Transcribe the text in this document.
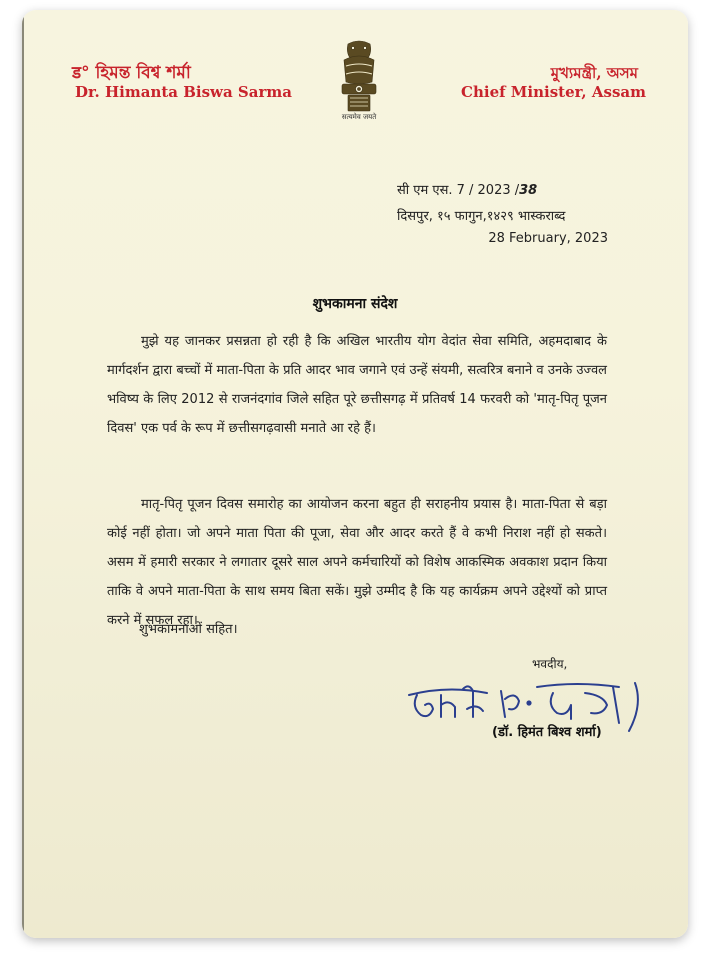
ड° হিমন্ত বিশ্ব শৰ্মা
Dr. Himanta Biswa Sarma
মুখ্যমন্ত্রী, অসম
Chief Minister, Assam
सत्यमेव जयते
सी एम एस. 7 / 2023 /38
दिसपुर, १५ फागुन,१४२९ भास्कराब्द
28 February, 2023
शुभकामना संदेश
मुझे यह जानकर प्रसन्नता हो रही है कि अखिल भारतीय योग वेदांत सेवा समिति, अहमदाबाद के मार्गदर्शन द्वारा बच्चों में माता-पिता के प्रति आदर भाव जगाने एवं उन्हें संयमी, सत्वरित्र बनाने व उनके उज्वल भविष्य के लिए 2012 से राजनंदगांव जिले सहित पूरे छत्तीसगढ़ में प्रतिवर्ष 14 फरवरी को 'मातृ-पितृ पूजन दिवस' एक पर्व के रूप में छत्तीसगढ़वासी मनाते आ रहे हैं।
मातृ-पितृ पूजन दिवस समारोह का आयोजन करना बहुत ही सराहनीय प्रयास है। माता-पिता से बड़ा कोई नहीं होता। जो अपने माता पिता की पूजा, सेवा और आदर करते हैं वे कभी निराश नहीं हो सकते। असम में हमारी सरकार ने लगातार दूसरे साल अपने कर्मचारियों को विशेष आकस्मिक अवकाश प्रदान किया ताकि वे अपने माता-पिता के साथ समय बिता सकें। मुझे उम्मीद है कि यह कार्यक्रम अपने उद्देश्यों को प्राप्त करने में सफल रहा।
शुभकामनाओं सहित।
भवदीय,
(डॉ. हिमंत बिश्व शर्मा)
